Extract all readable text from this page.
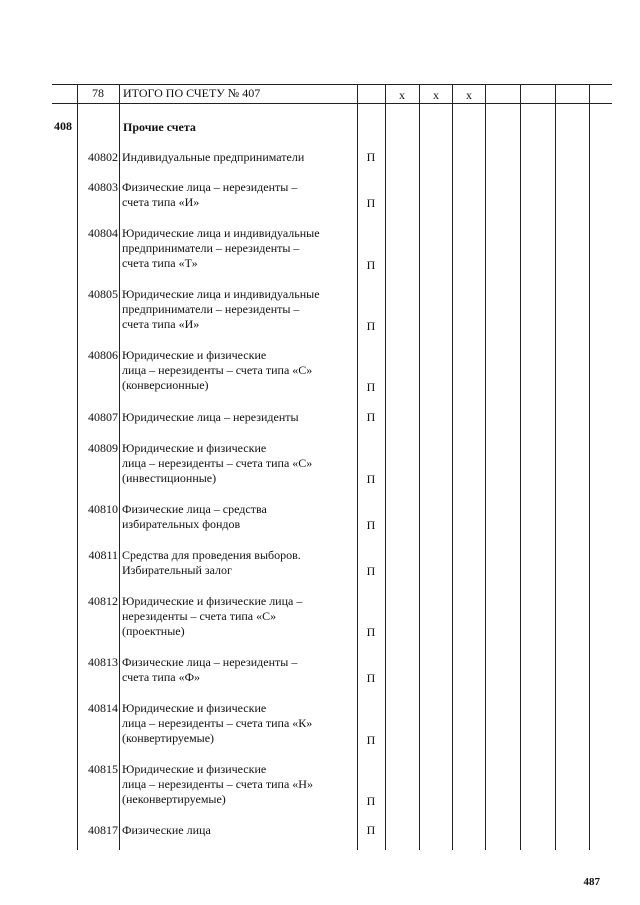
78	ИТОГО ПО СЧЕТУ № 407	x	x	x
408	Прочие счета
40802 Индивидуальные предприниматели	П
40803 Физические лица – нерезиденты –
счета типа «И»	П
40804 Юридические лица и индивидуальные
предприниматели – нерезиденты –
счета типа «Т»	П
40805 Юридические лица и индивидуальные
предприниматели – нерезиденты –
счета типа «И»	П
40806 Юридические и физические
лица – нерезиденты – счета типа «С»
(конверсионные)	П
40807 Юридические лица – нерезиденты	П
40809 Юридические и физические
лица – нерезиденты – счета типа «С»
(инвестиционные)	П
40810 Физические лица – средства
избирательных фондов	П
40811 Средства для проведения выборов.
Избирательный залог	П
40812 Юридические и физические лица –
нерезиденты – счета типа «С»
(проектные)	П
40813 Физические лица – нерезиденты –
счета типа «Ф»	П
40814 Юридические и физические
лица – нерезиденты – счета типа «К»
(конвертируемые)	П
40815 Юридические и физические
лица – нерезиденты – счета типа «Н»
(неконвертируемые)	П
40817 Физические лица	П
487
